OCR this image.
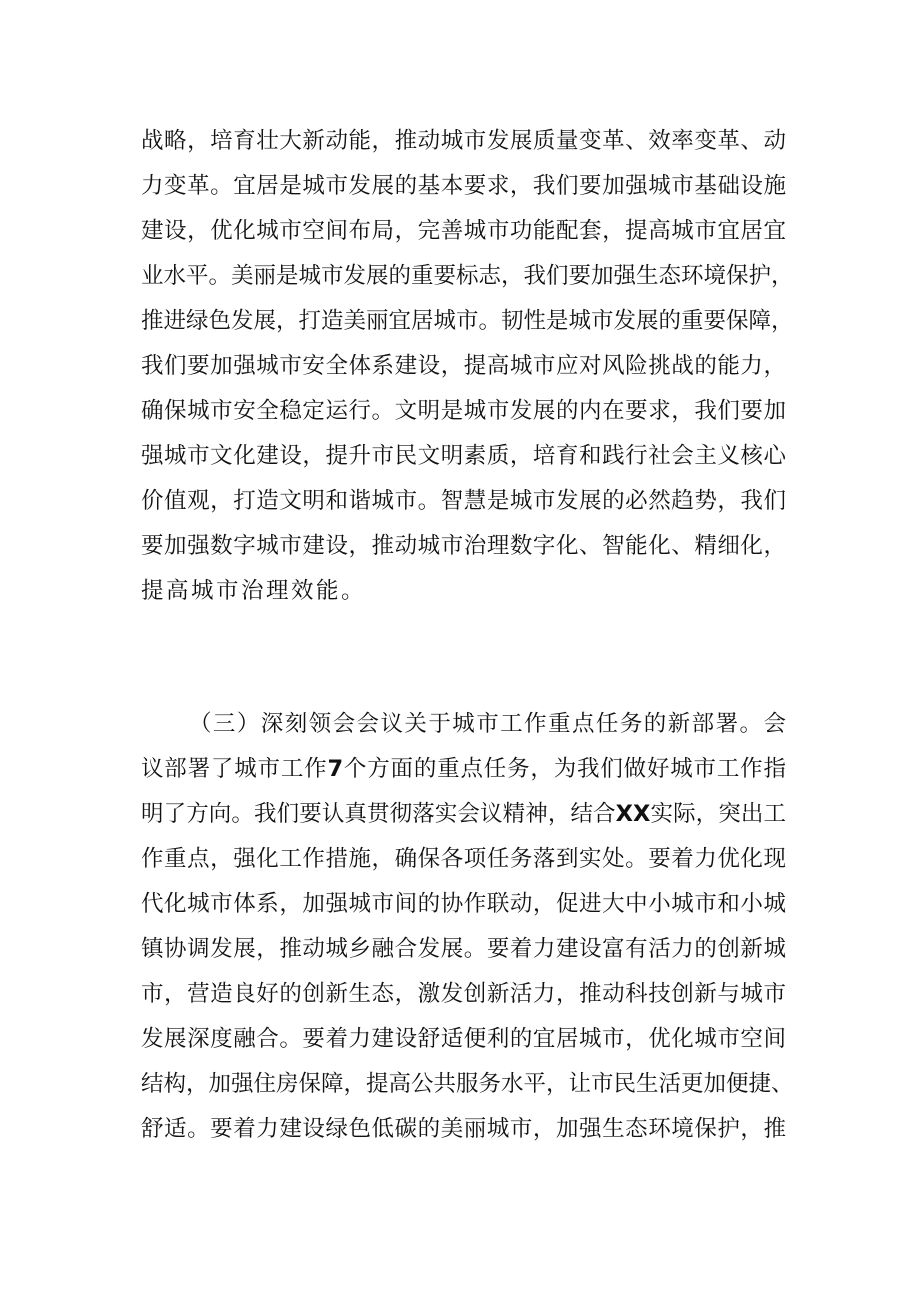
战略，培育壮大新动能，推动城市发展质量变革、效率变革、动
力变革。宜居是城市发展的基本要求，我们要加强城市基础设施
建设，优化城市空间布局，完善城市功能配套，提高城市宜居宜
业水平。美丽是城市发展的重要标志，我们要加强生态环境保护，
推进绿色发展，打造美丽宜居城市。韧性是城市发展的重要保障，
我们要加强城市安全体系建设，提高城市应对风险挑战的能力，
确保城市安全稳定运行。文明是城市发展的内在要求，我们要加
强城市文化建设，提升市民文明素质，培育和践行社会主义核心
价值观，打造文明和谐城市。智慧是城市发展的必然趋势，我们
要加强数字城市建设，推动城市治理数字化、智能化、精细化，
提高城市治理效能。
（三）深刻领会会议关于城市工作重点任务的新部署。会
议部署了城市工作7个方面的重点任务，为我们做好城市工作指
明了方向。我们要认真贯彻落实会议精神，结合XX实际，突出工
作重点，强化工作措施，确保各项任务落到实处。要着力优化现
代化城市体系，加强城市间的协作联动，促进大中小城市和小城
镇协调发展，推动城乡融合发展。要着力建设富有活力的创新城
市，营造良好的创新生态，激发创新活力，推动科技创新与城市
发展深度融合。要着力建设舒适便利的宜居城市，优化城市空间
结构，加强住房保障，提高公共服务水平，让市民生活更加便捷、
舒适。要着力建设绿色低碳的美丽城市，加强生态环境保护，推
